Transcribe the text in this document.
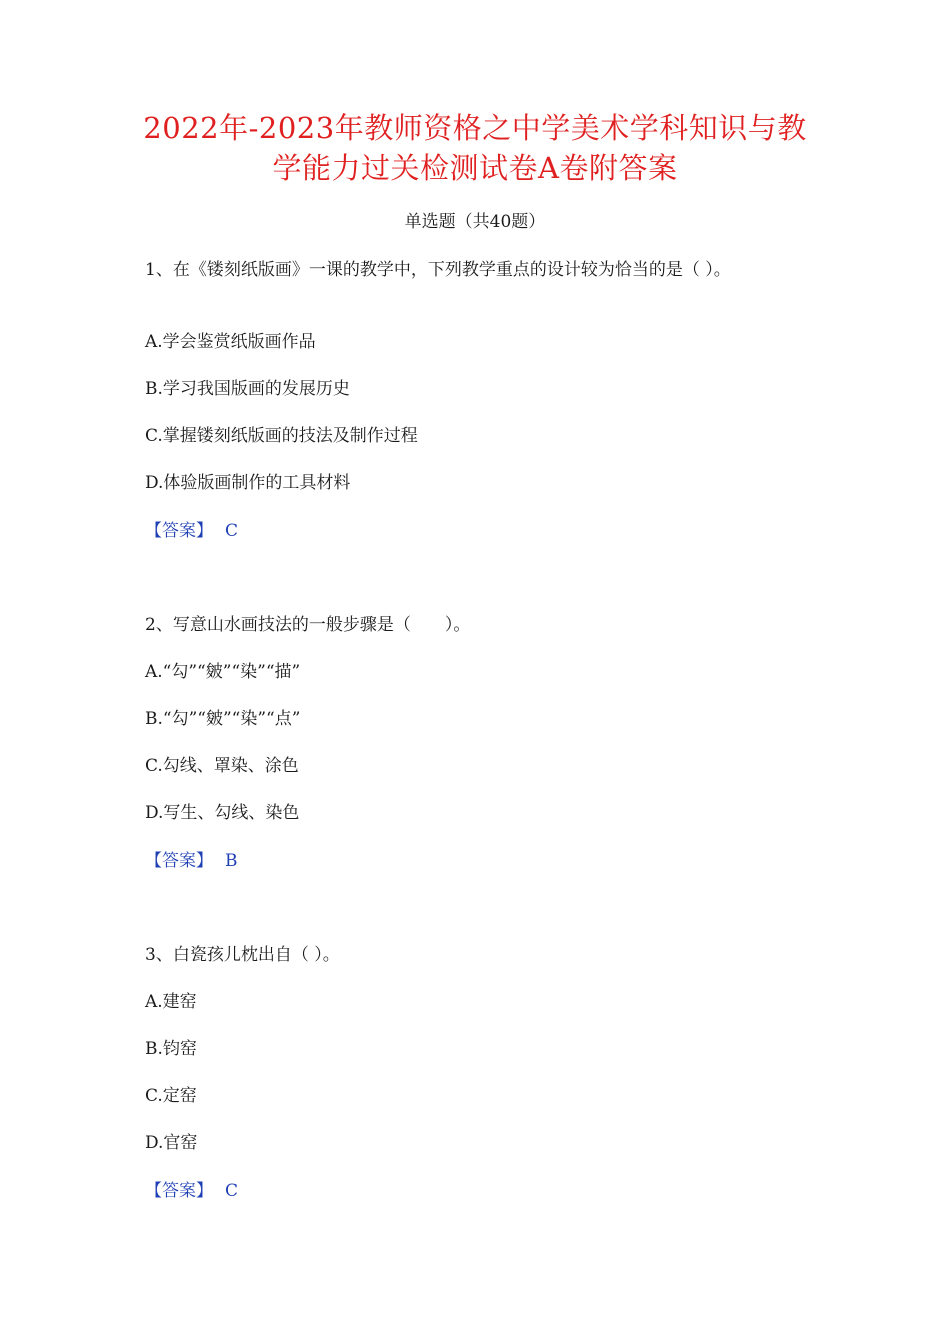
2022年-2023年教师资格之中学美术学科知识与教学能力过关检测试卷A卷附答案
单选题（共40题）
1、在《镂刻纸版画》一课的教学中，下列教学重点的设计较为恰当的是（ ）。
A.学会鉴赏纸版画作品
B.学习我国版画的发展历史
C.掌握镂刻纸版画的技法及制作过程
D.体验版画制作的工具材料
【答案】 C
2、写意山水画技法的一般步骤是（　　）。
A.“勾”“皴”“染”“描”
B.“勾”“皴”“染”“点”
C.勾线、罩染、涂色
D.写生、勾线、染色
【答案】 B
3、白瓷孩儿枕出自（ ）。
A.建窑
B.钧窑
C.定窑
D.官窑
【答案】 C
